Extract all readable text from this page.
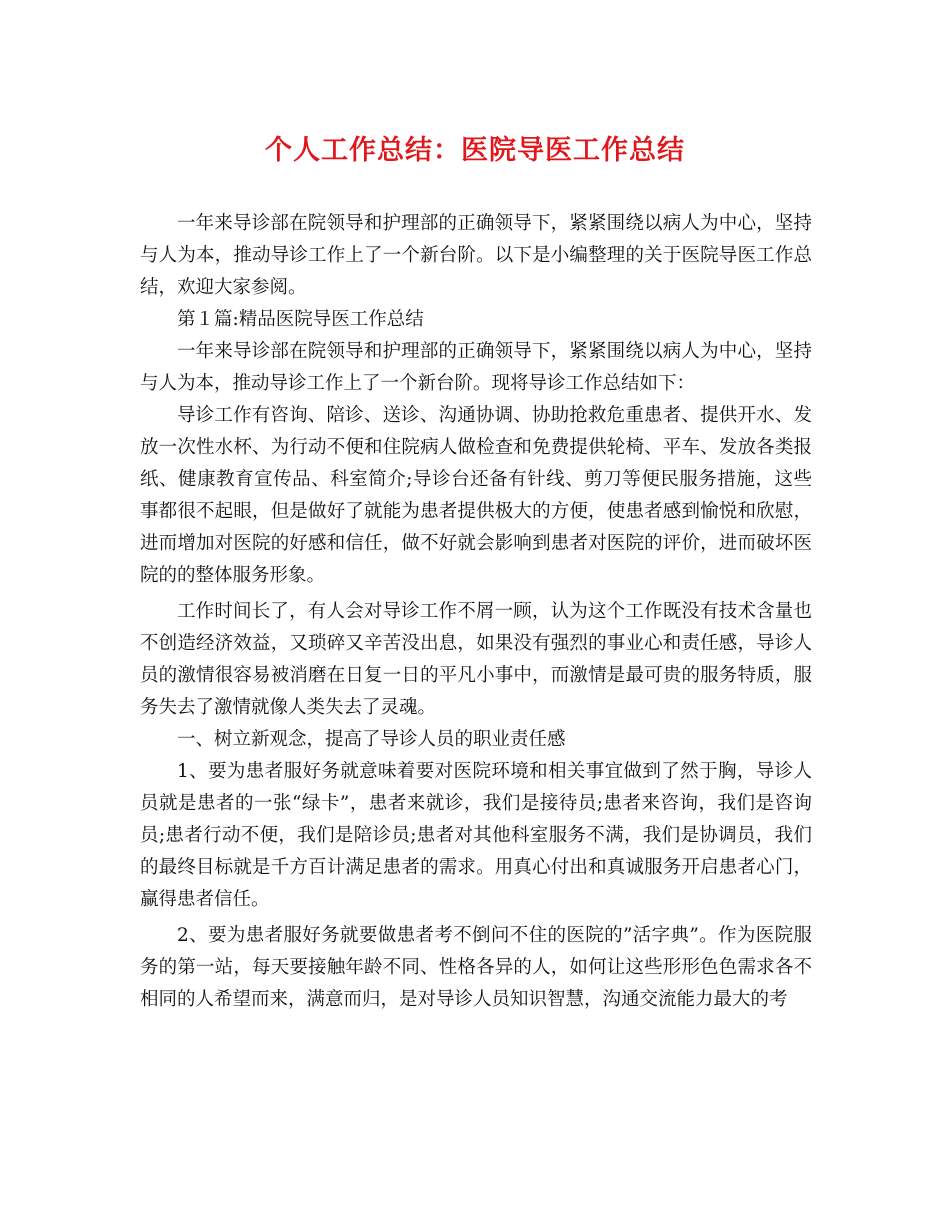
个人工作总结：医院导医工作总结

一年来导诊部在院领导和护理部的正确领导下，紧紧围绕以病人为中心，坚持与人为本，推动导诊工作上了一个新台阶。以下是小编整理的关于医院导医工作总结，欢迎大家参阅。

第１篇:精品医院导医工作总结

一年来导诊部在院领导和护理部的正确领导下，紧紧围绕以病人为中心，坚持与人为本，推动导诊工作上了一个新台阶。现将导诊工作总结如下：

导诊工作有咨询、陪诊、送诊、沟通协调、协助抢救危重患者、提供开水、发放一次性水杯、为行动不便和住院病人做检查和免费提供轮椅、平车、发放各类报纸、健康教育宣传品、科室简介;导诊台还备有针线、剪刀等便民服务措施，这些事都很不起眼，但是做好了就能为患者提供极大的方便，使患者感到愉悦和欣慰，进而增加对医院的好感和信任，做不好就会影响到患者对医院的评价，进而破坏医院的的整体服务形象。

工作时间长了，有人会对导诊工作不屑一顾，认为这个工作既没有技术含量也不创造经济效益，又琐碎又辛苦没出息，如果没有强烈的事业心和责任感，导诊人员的激情很容易被消磨在日复一日的平凡小事中，而激情是最可贵的服务特质，服务失去了激情就像人类失去了灵魂。

一、树立新观念，提高了导诊人员的职业责任感

1、要为患者服好务就意味着要对医院环境和相关事宜做到了然于胸，导诊人员就是患者的一张“绿卡”，患者来就诊，我们是接待员;患者来咨询，我们是咨询员;患者行动不便，我们是陪诊员;患者对其他科室服务不满，我们是协调员，我们的最终目标就是千方百计满足患者的需求。用真心付出和真诚服务开启患者心门，赢得患者信任。

2、要为患者服好务就要做患者考不倒问不住的医院的”活字典”。作为医院服务的第一站，每天要接触年龄不同、性格各异的人，如何让这些形形色色需求各不相同的人希望而来，满意而归，是对导诊人员知识智慧，沟通交流能力最大的考
